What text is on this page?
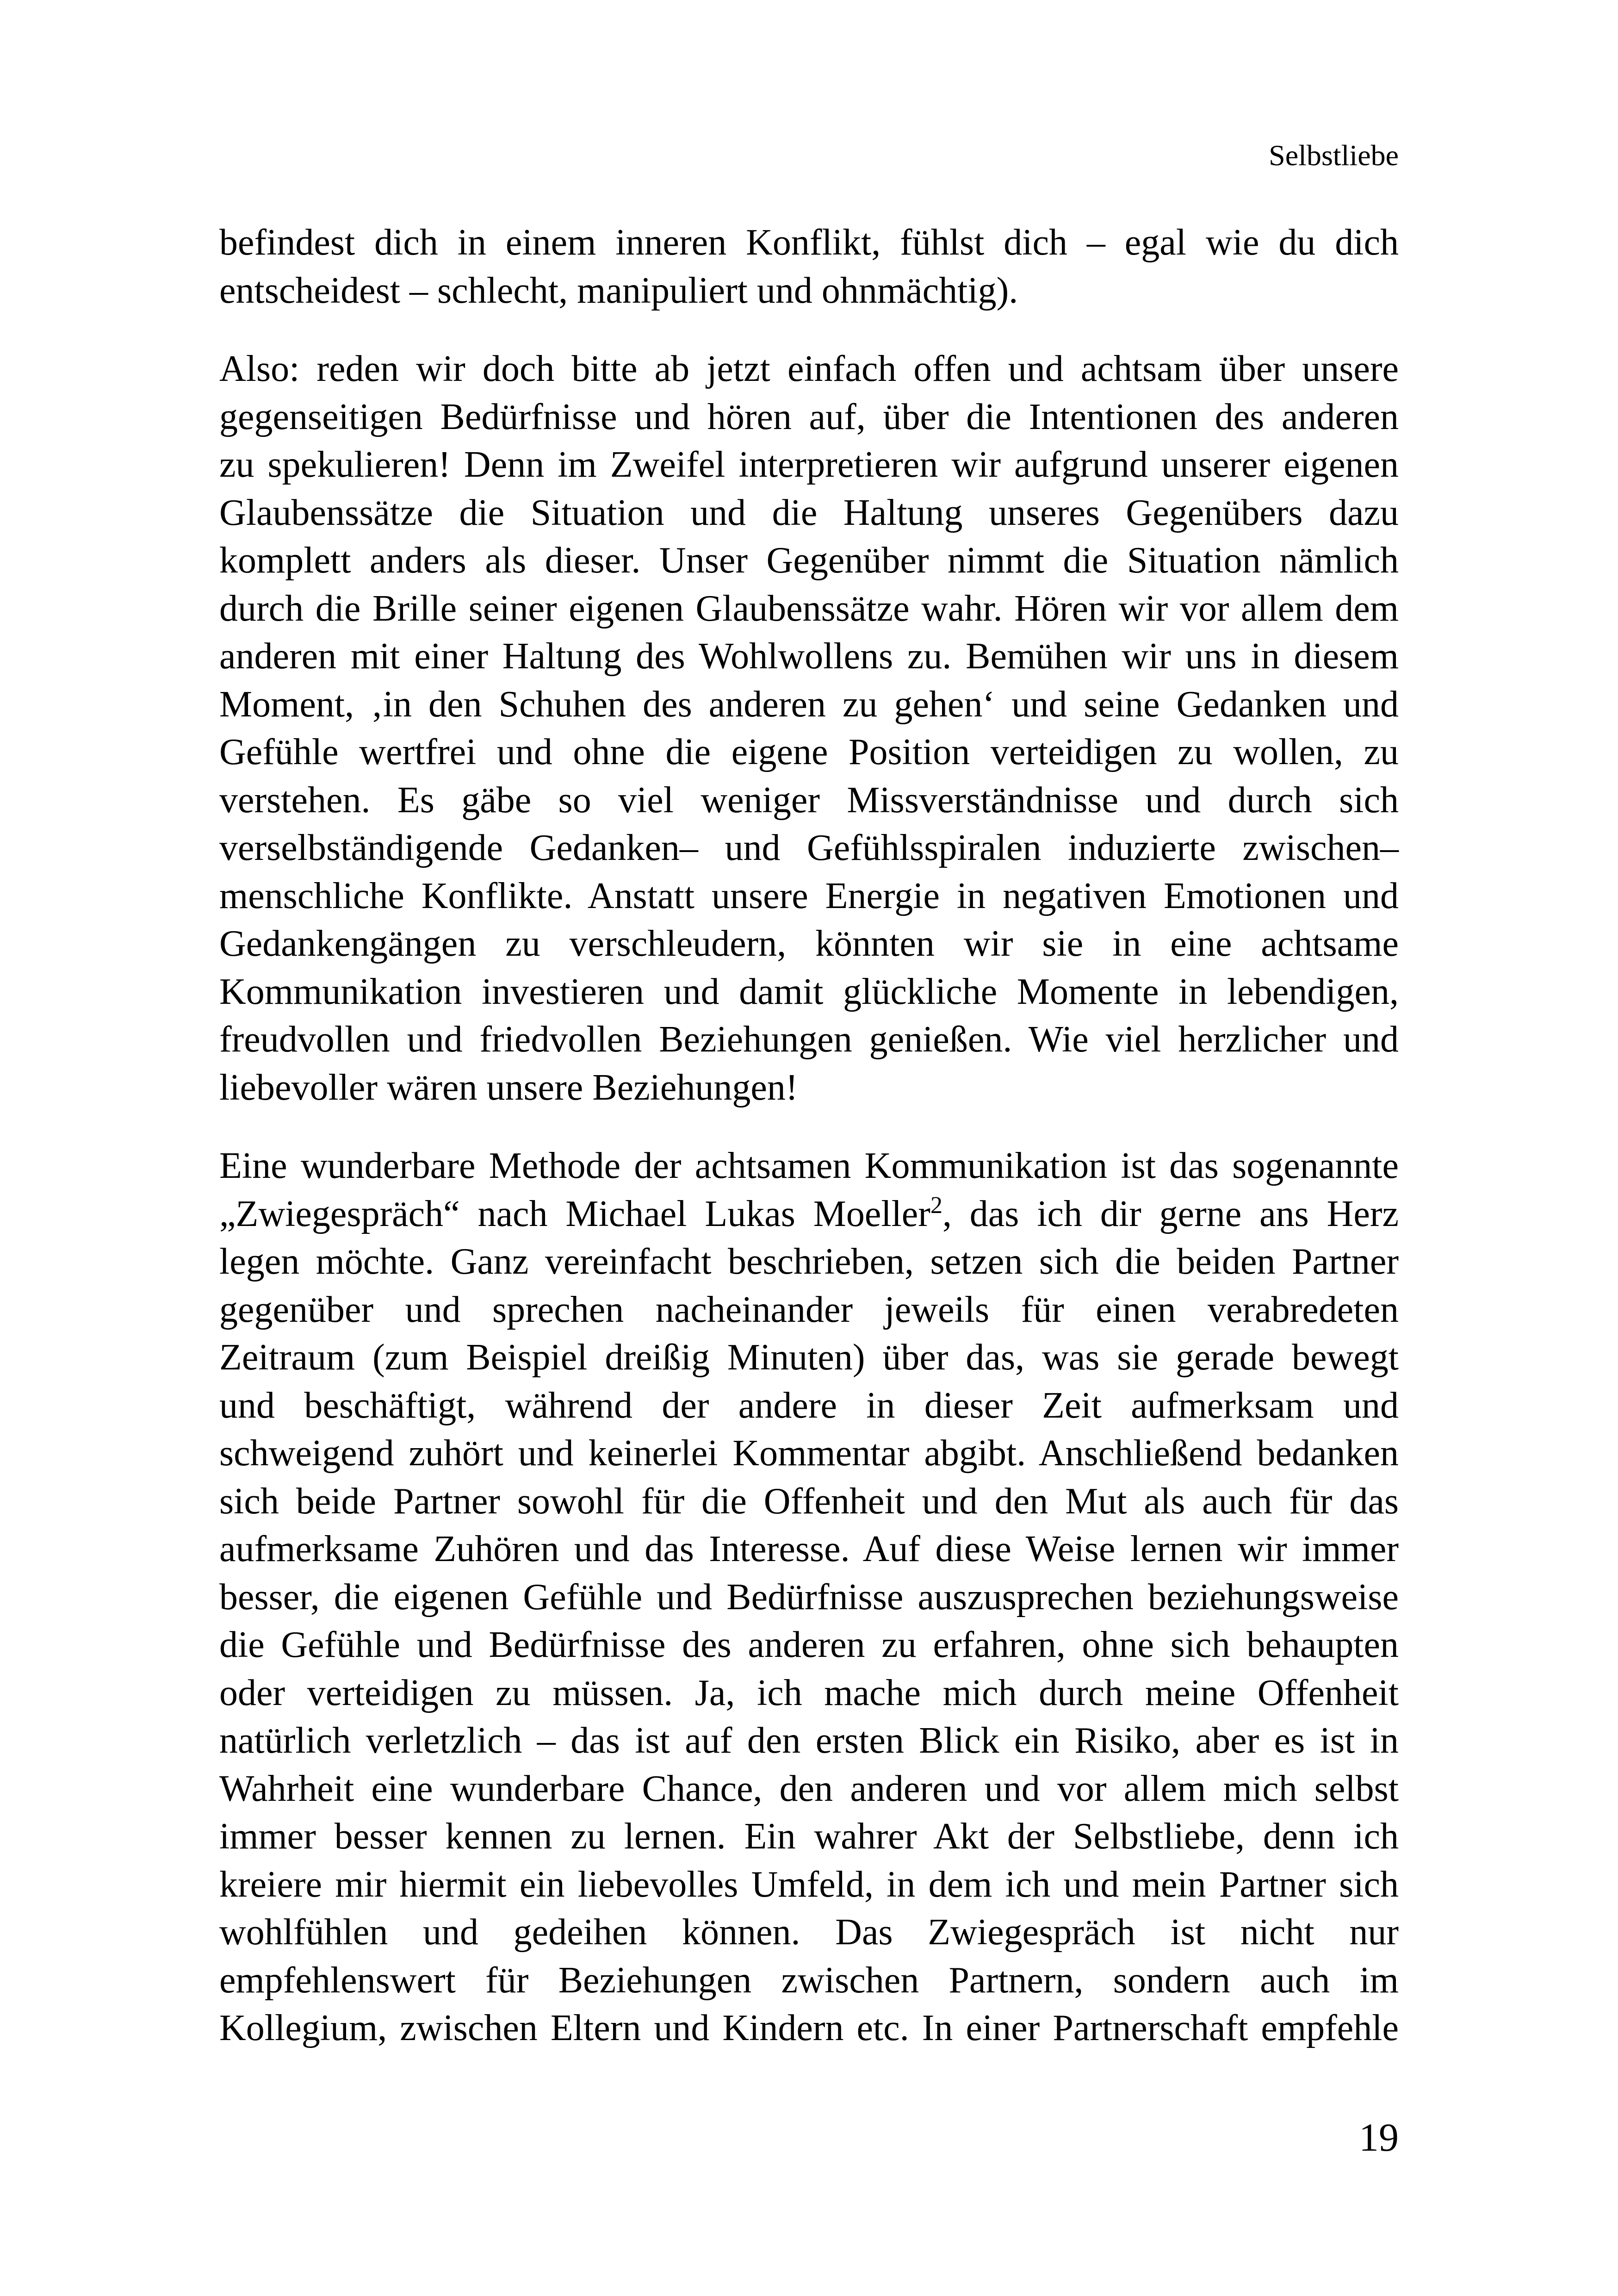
Selbstliebe
befindest dich in einem inneren Konflikt, fühlst dich – egal wie du dich
entscheidest – schlecht, manipuliert und ohnmächtig).
Also: reden wir doch bitte ab jetzt einfach offen und achtsam über unsere
gegenseitigen Bedürfnisse und hören auf, über die Intentionen des anderen
zu spekulieren! Denn im Zweifel interpretieren wir aufgrund unserer eigenen
Glaubenssätze die Situation und die Haltung unseres Gegenübers dazu
komplett anders als dieser. Unser Gegenüber nimmt die Situation nämlich
durch die Brille seiner eigenen Glaubenssätze wahr. Hören wir vor allem dem
anderen mit einer Haltung des Wohlwollens zu. Bemühen wir uns in diesem
Moment, ‚in den Schuhen des anderen zu gehen‘ und seine Gedanken und
Gefühle wertfrei und ohne die eigene Position verteidigen zu wollen, zu
verstehen. Es gäbe so viel weniger Missverständnisse und durch sich
verselbständigende Gedanken– und Gefühlsspiralen induzierte zwischen–
menschliche Konflikte. Anstatt unsere Energie in negativen Emotionen und
Gedankengängen zu verschleudern, könnten wir sie in eine achtsame
Kommunikation investieren und damit glückliche Momente in lebendigen,
freudvollen und friedvollen Beziehungen genießen. Wie viel herzlicher und
liebevoller wären unsere Beziehungen!
Eine wunderbare Methode der achtsamen Kommunikation ist das sogenannte
„Zwiegespräch“ nach Michael Lukas Moeller$^2$, das ich dir gerne ans Herz
legen möchte. Ganz vereinfacht beschrieben, setzen sich die beiden Partner
gegenüber und sprechen nacheinander jeweils für einen verabredeten
Zeitraum (zum Beispiel dreißig Minuten) über das, was sie gerade bewegt
und beschäftigt, während der andere in dieser Zeit aufmerksam und
schweigend zuhört und keinerlei Kommentar abgibt. Anschließend bedanken
sich beide Partner sowohl für die Offenheit und den Mut als auch für das
aufmerksame Zuhören und das Interesse. Auf diese Weise lernen wir immer
besser, die eigenen Gefühle und Bedürfnisse auszusprechen beziehungsweise
die Gefühle und Bedürfnisse des anderen zu erfahren, ohne sich behaupten
oder verteidigen zu müssen. Ja, ich mache mich durch meine Offenheit
natürlich verletzlich – das ist auf den ersten Blick ein Risiko, aber es ist in
Wahrheit eine wunderbare Chance, den anderen und vor allem mich selbst
immer besser kennen zu lernen. Ein wahrer Akt der Selbstliebe, denn ich
kreiere mir hiermit ein liebevolles Umfeld, in dem ich und mein Partner sich
wohlfühlen und gedeihen können. Das Zwiegespräch ist nicht nur
empfehlenswert für Beziehungen zwischen Partnern, sondern auch im
Kollegium, zwischen Eltern und Kindern etc. In einer Partnerschaft empfehle
19
